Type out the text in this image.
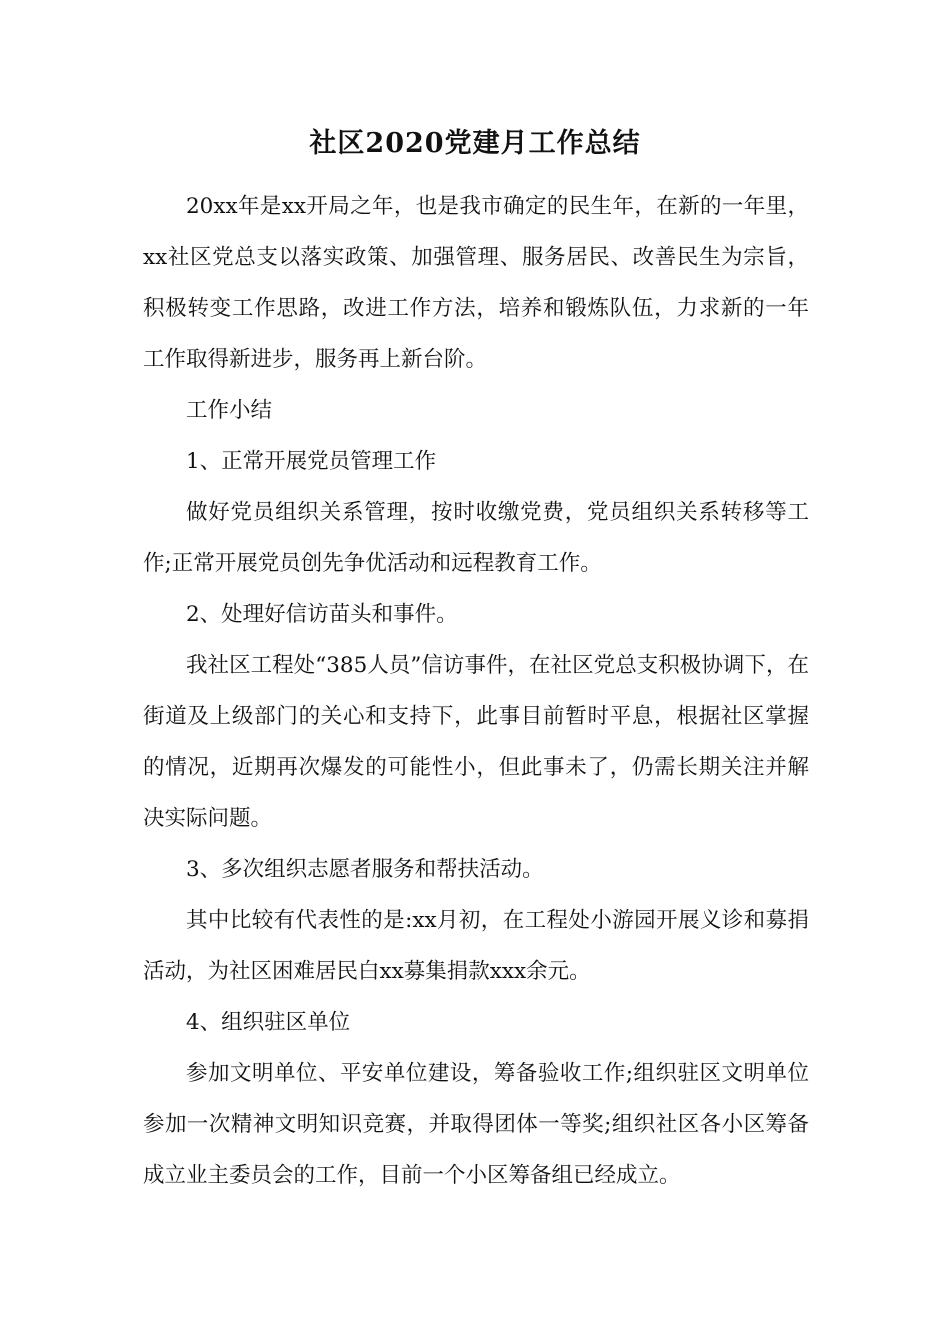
社区2020党建月工作总结

20xx年是xx开局之年，也是我市确定的民生年，在新的一年里，xx社区党总支以落实政策、加强管理、服务居民、改善民生为宗旨，积极转变工作思路，改进工作方法，培养和锻炼队伍，力求新的一年工作取得新进步，服务再上新台阶。

工作小结

1、正常开展党员管理工作

做好党员组织关系管理，按时收缴党费，党员组织关系转移等工作;正常开展党员创先争优活动和远程教育工作。

2、处理好信访苗头和事件。

我社区工程处“385人员”信访事件，在社区党总支积极协调下，在街道及上级部门的关心和支持下，此事目前暂时平息，根据社区掌握的情况，近期再次爆发的可能性小，但此事未了，仍需长期关注并解决实际问题。

3、多次组织志愿者服务和帮扶活动。

其中比较有代表性的是:xx月初，在工程处小游园开展义诊和募捐活动，为社区困难居民白xx募集捐款xxx余元。

4、组织驻区单位

参加文明单位、平安单位建设，筹备验收工作;组织驻区文明单位参加一次精神文明知识竞赛，并取得团体一等奖;组织社区各小区筹备成立业主委员会的工作，目前一个小区筹备组已经成立。
